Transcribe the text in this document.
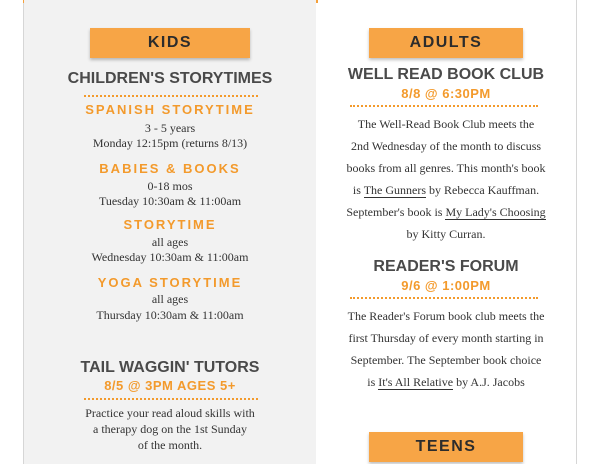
KIDS
CHILDREN'S STORYTIMES
SPANISH STORYTIME
3 - 5 years
Monday 12:15pm (returns 8/13)
BABIES & BOOKS
0-18 mos
Tuesday 10:30am & 11:00am
STORYTIME
all ages
Wednesday 10:30am & 11:00am
YOGA STORYTIME
all ages
Thursday 10:30am & 11:00am
TAIL WAGGIN' TUTORS
8/5 @ 3PM AGES 5+
Practice your read aloud skills with
a therapy dog on the 1st Sunday
of the month.
ADULTS
WELL READ BOOK CLUB
8/8 @ 6:30PM
The Well-Read Book Club meets the
2nd Wednesday of the month to discuss
books from all genres. This month's book
is The Gunners by Rebecca Kauffman.
September's book is My Lady's Choosing
by Kitty Curran.
READER'S FORUM
9/6 @ 1:00PM
The Reader's Forum book club meets the
first Thursday of every month starting in
September. The September book choice
is It's All Relative by A.J. Jacobs
TEENS
